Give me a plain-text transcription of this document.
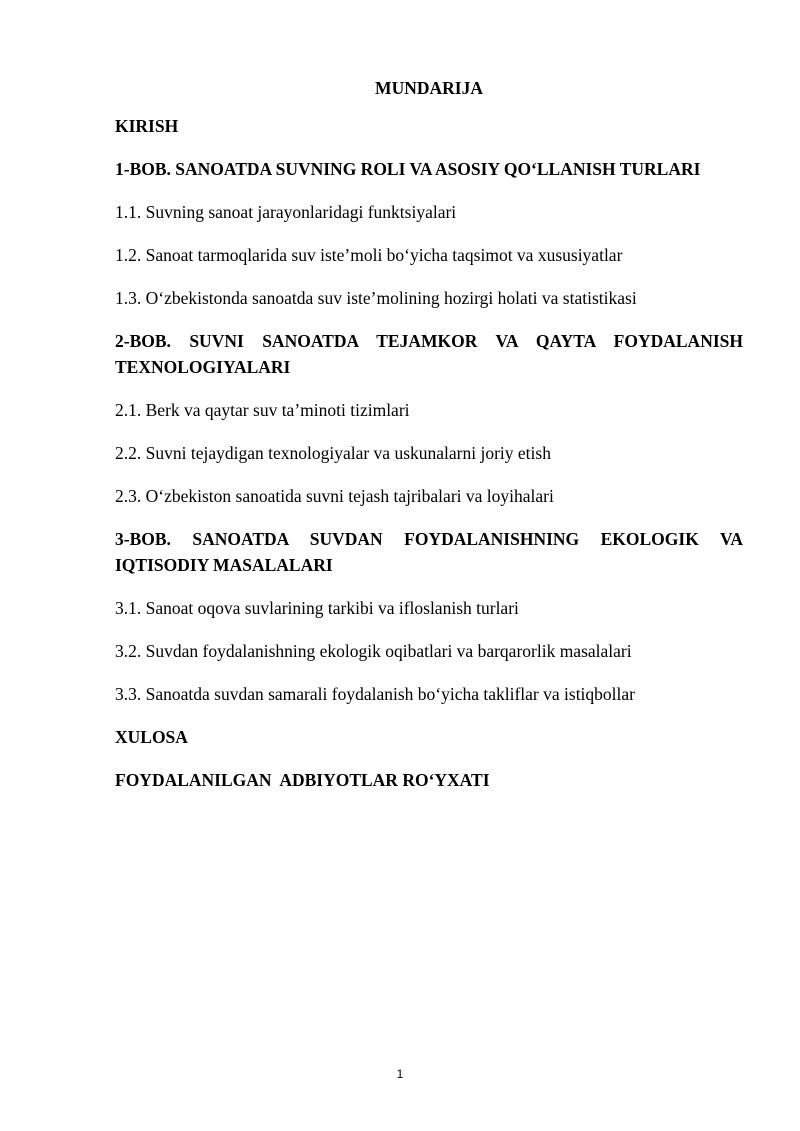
MUNDARIJA

KIRISH

1-BOB. SANOATDA SUVNING ROLI VA ASOSIY QO‘LLANISH TURLARI

1.1. Suvning sanoat jarayonlaridagi funktsiyalari

1.2. Sanoat tarmoqlarida suv iste’moli bo‘yicha taqsimot va xususiyatlar

1.3. O‘zbekistonda sanoatda suv iste’molining hozirgi holati va statistikasi

2-BOB. SUVNI SANOATDA TEJAMKOR VA QAYTA FOYDALANISH TEXNOLOGIYALARI

2.1. Berk va qaytar suv ta’minoti tizimlari

2.2. Suvni tejaydigan texnologiyalar va uskunalarni joriy etish

2.3. O‘zbekiston sanoatida suvni tejash tajribalari va loyihalari

3-BOB. SANOATDA SUVDAN FOYDALANISHNING EKOLOGIK VA IQTISODIY MASALALARI

3.1. Sanoat oqova suvlarining tarkibi va ifloslanish turlari

3.2. Suvdan foydalanishning ekologik oqibatlari va barqarorlik masalalari

3.3. Sanoatda suvdan samarali foydalanish bo‘yicha takliflar va istiqbollar

XULOSA

FOYDALANILGAN  ADBIYOTLAR RO‘YXATI

1
